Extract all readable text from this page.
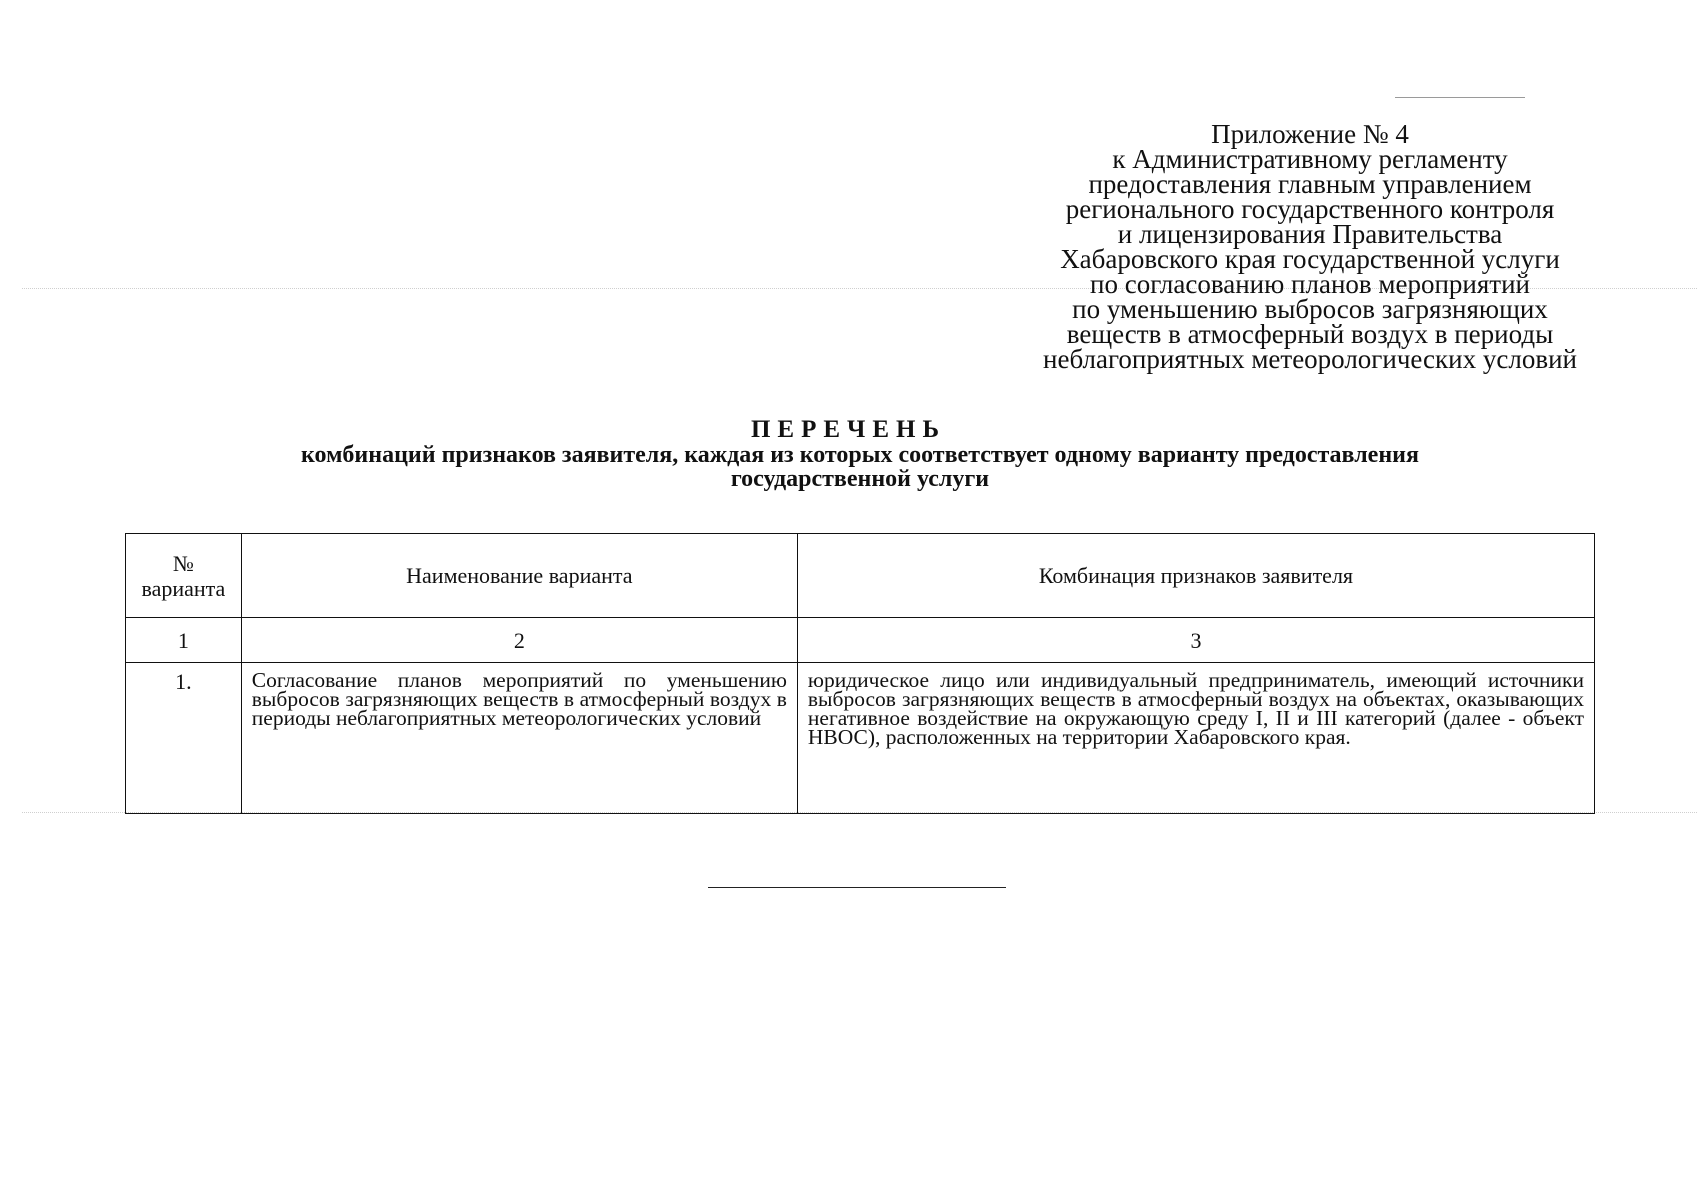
Приложение № 4
к Административному регламенту
предоставления главным управлением
регионального государственного контроля
и лицензирования Правительства
Хабаровского края государственной услуги
по согласованию планов мероприятий
по уменьшению выбросов загрязняющих
веществ в атмосферный воздух в периоды
неблагоприятных метеорологических условий
ПЕРЕЧЕНЬ
комбинаций признаков заявителя, каждая из которых соответствует одному варианту предоставления
государственной услуги
№
варианта	Наименование варианта	Комбинация признаков заявителя
1	2	3
1.	Согласование планов мероприятий по уменьшению выбросов загрязняющих веществ в атмосферный воздух в периоды неблагоприятных метеорологических условий	юридическое лицо или индивидуальный предприниматель, имеющий источники выбросов загрязняющих веществ в атмосферный воздух на объектах, оказывающих негативное воздействие на окружающую среду I, II и III категорий (далее - объект НВОС), расположенных на территории Хабаровского края.
